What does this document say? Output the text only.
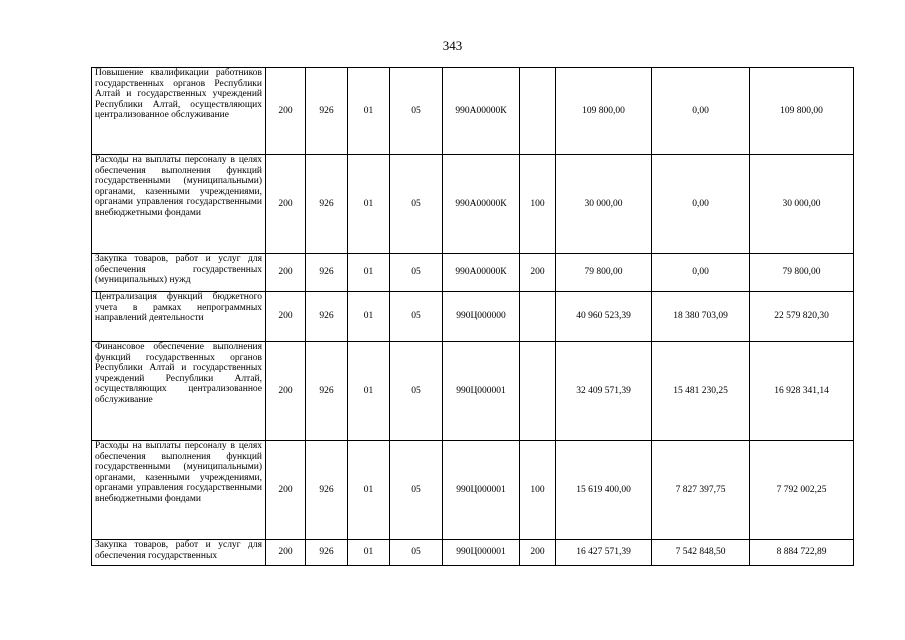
343
Повышение квалификации работников государственных органов Республики Алтай и государственных учреждений Республики Алтай, осуществляющих централизованное обслуживание	200	926	01	05	990А00000К		109 800,00	0,00	109 800,00
Расходы на выплаты персоналу в целях обеспечения выполнения функций государственными (муниципальными) органами, казенными учреждениями, органами управления государственными внебюджетными фондами	200	926	01	05	990А00000К	100	30 000,00	0,00	30 000,00
Закупка товаров, работ и услуг для обеспечения государственных (муниципальных) нужд	200	926	01	05	990А00000К	200	79 800,00	0,00	79 800,00
Централизация функций бюджетного учета в рамках непрограммных направлений деятельности	200	926	01	05	990Ц000000		40 960 523,39	18 380 703,09	22 579 820,30
Финансовое обеспечение выполнения функций государственных органов Республики Алтай и государственных учреждений Республики Алтай, осуществляющих централизованное обслуживание	200	926	01	05	990Ц000001		32 409 571,39	15 481 230,25	16 928 341,14
Расходы на выплаты персоналу в целях обеспечения выполнения функций государственными (муниципальными) органами, казенными учреждениями, органами управления государственными внебюджетными фондами	200	926	01	05	990Ц000001	100	15 619 400,00	7 827 397,75	7 792 002,25
Закупка товаров, работ и услуг для обеспечения государственных	200	926	01	05	990Ц000001	200	16 427 571,39	7 542 848,50	8 884 722,89
